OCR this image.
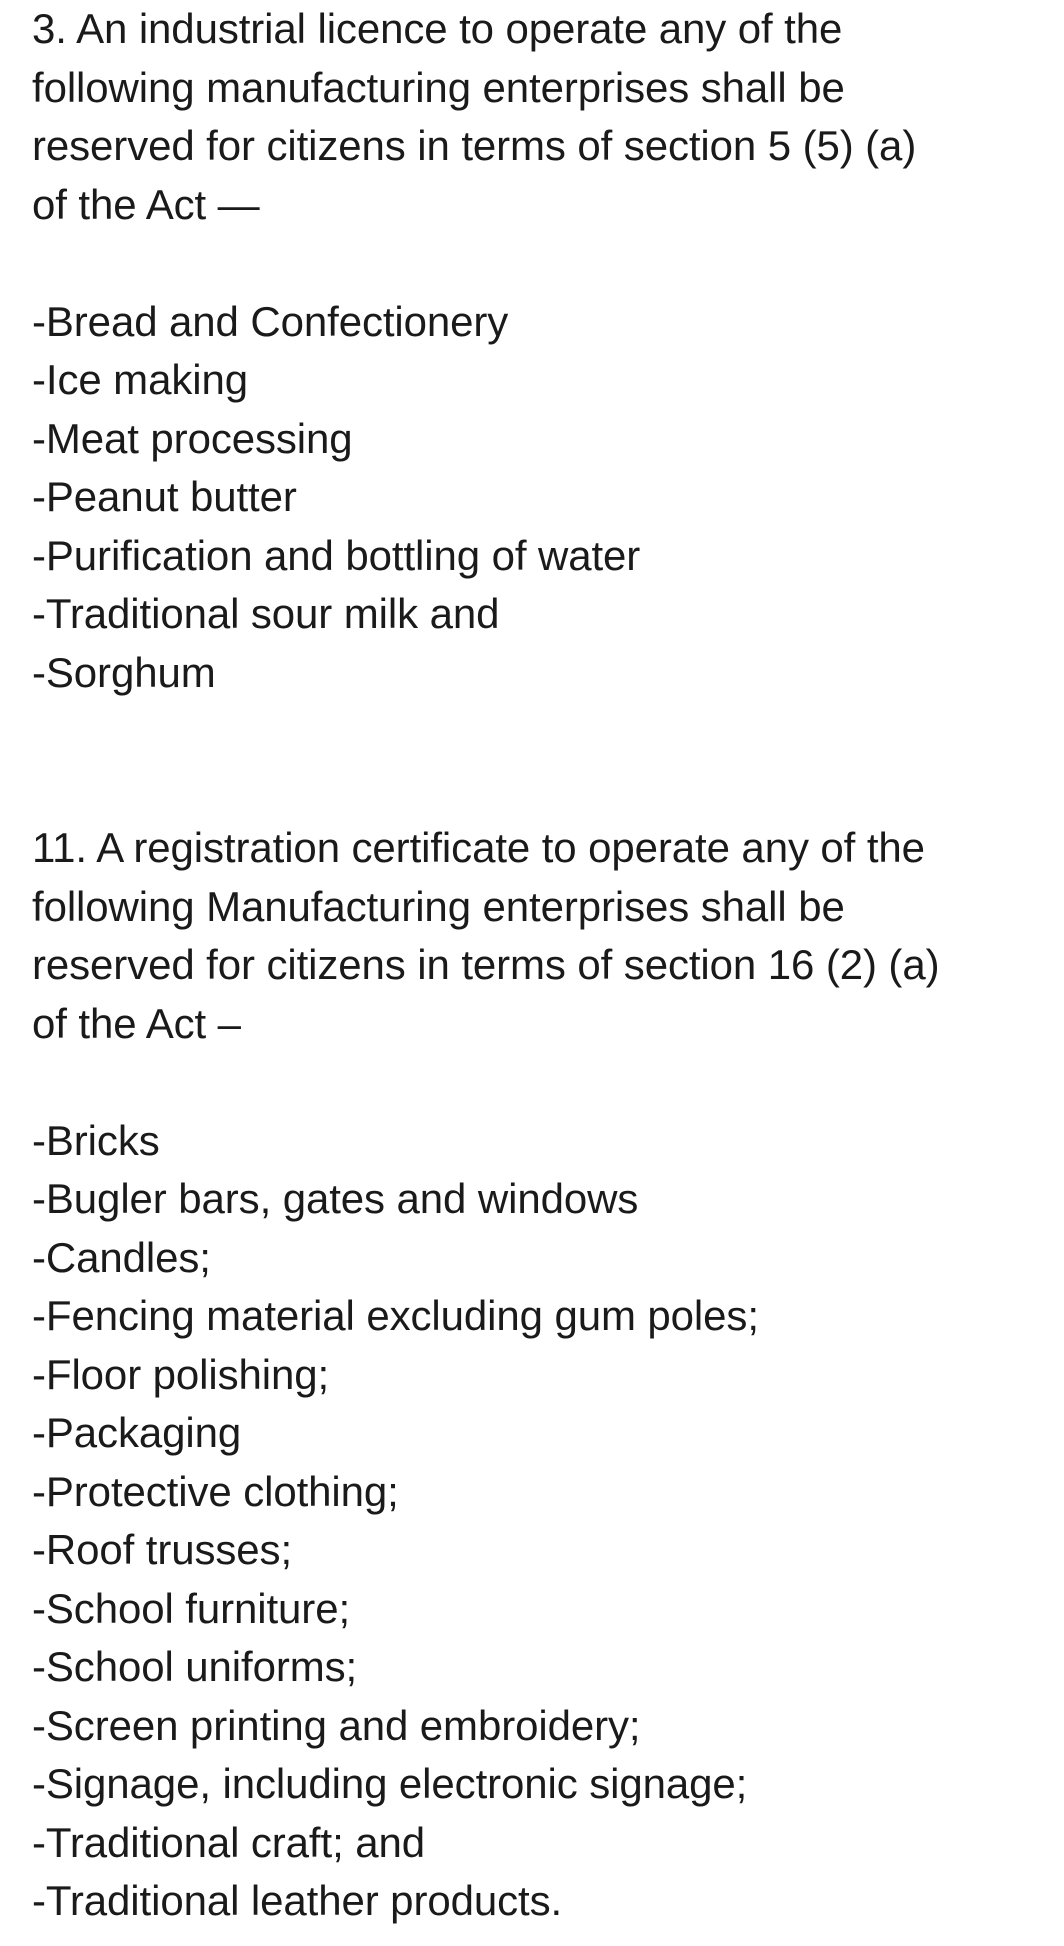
3. An industrial licence to operate any of the
following manufacturing enterprises shall be
reserved for citizens in terms of section 5 (5) (a)
of the Act —
-Bread and Confectionery
-Ice making
-Meat processing
-Peanut butter
-Purification and bottling of water
-Traditional sour milk and
-Sorghum
11. A registration certificate to operate any of the
following Manufacturing enterprises shall be
reserved for citizens in terms of section 16 (2) (a)
of the Act –
-Bricks
-Bugler bars, gates and windows
-Candles;
-Fencing material excluding gum poles;
-Floor polishing;
-Packaging
-Protective clothing;
-Roof trusses;
-School furniture;
-School uniforms;
-Screen printing and embroidery;
-Signage, including electronic signage;
-Traditional craft; and
-Traditional leather products.
